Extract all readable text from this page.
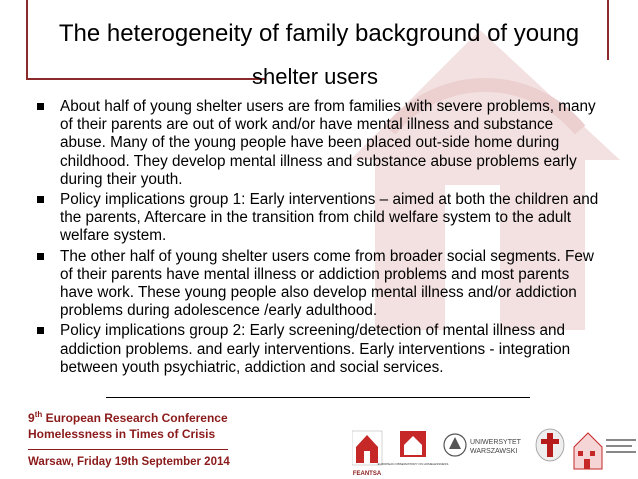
The heterogeneity of family background of young
shelter users
About half of young shelter users are from families with severe problems, many of their parents are out of work and/or have mental illness and substance abuse. Many of the young people have been placed out-side home during childhood. They develop mental illness and substance abuse problems early during their youth.
Policy implications group 1: Early interventions – aimed at both the children and the parents, Aftercare in the transition from child welfare system to the adult welfare system.
The other half of young shelter users come from broader social segments. Few of their parents have mental illness or addiction problems and most parents have work. These young people also develop mental illness and/or addiction problems during adolescence /early adulthood.
Policy implications group 2: Early screening/detection of mental illness and addiction problems. and early interventions. Early interventions - integration between youth psychiatric, addiction and social services.
9th European Research Conference
Homelessness in Times of Crisis
Warsaw, Friday 19th September 2014
FEANTSA
EUROPEAN OBSERVATORY ON HOMELESSNESS
UNIWERSYTET
WARSZAWSKI
